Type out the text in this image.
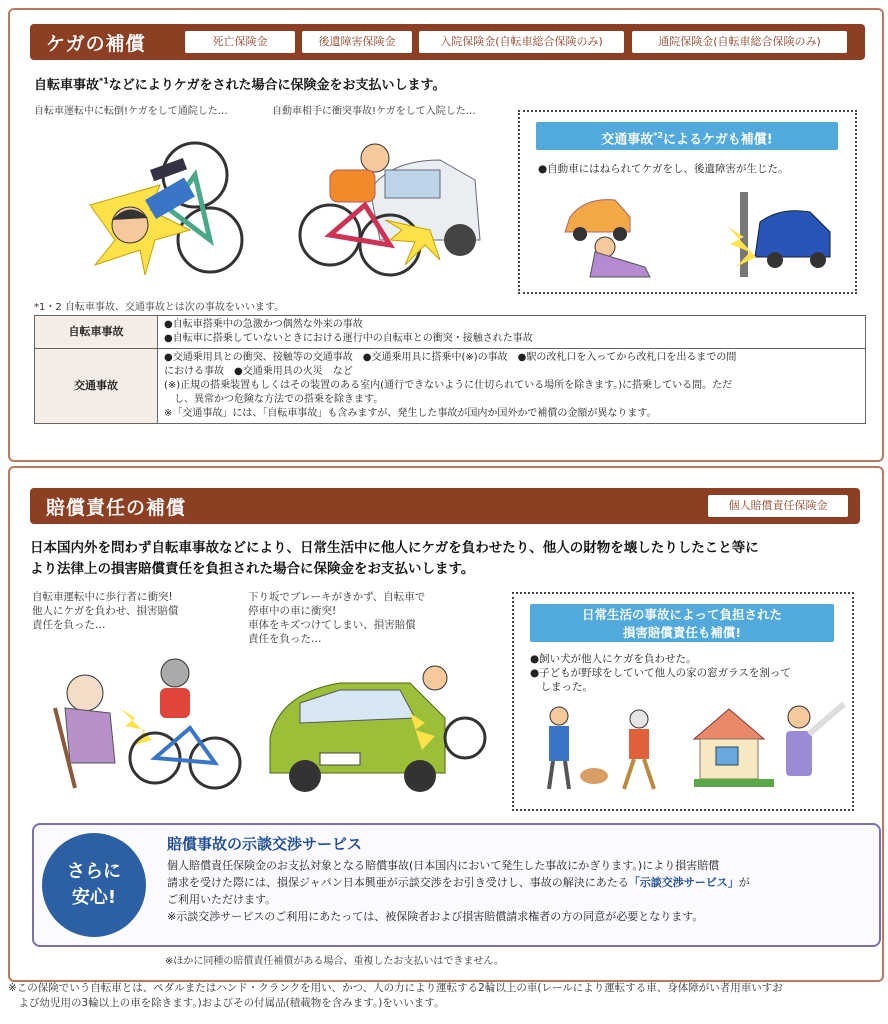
ケガの補償	死亡保険金	後遺障害保険金	入院保険金(自転車総合保険のみ)	通院保険金(自転車総合保険のみ)
自転車事故$^{*1}$などによりケガをされた場合に保険金をお支払いします。
自転車運転中に転倒!ケガをして通院した…	自動車相手に衝突事故!ケガをして入院した…
交通事故$^{*2}$によるケガも補償!
●自動車にはねられてケガをし、後遺障害が生じた。
*1・2 自転車事故、交通事故とは次の事故をいいます。
自転車事故	●自転車搭乗中の急激かつ偶然な外来の事故
●自転車に搭乗していないときにおける運行中の自転車との衝突・接触された事故

交通事故	●交通乗用具との衝突、接触等の交通事故　●交通乗用具に搭乗中(※)の事故　●駅の改札口を入ってから改札口を出るまでの間
における事故　●交通乗用具の火災　など
(※)正規の搭乗装置もしくはその装置のある室内(通行できないように仕切られている場所を除きます。)に搭乗している間。ただ
　し、異常かつ危険な方法での搭乗を除きます。
※「交通事故」には、「自転車事故」も含みますが、発生した事故が国内か国外かで補償の金額が異なります。
賠償責任の補償	個人賠償責任保険金
日本国内外を問わず自転車事故などにより、日常生活中に他人にケガを負わせたり、他人の財物を壊したりしたこと等に
より法律上の損害賠償責任を負担された場合に保険金をお支払いします。
自転車運転中に歩行者に衝突!
他人にケガを負わせ、損害賠償
責任を負った…
下り坂でブレーキがきかず、自転車で
停車中の車に衝突!
車体をキズつけてしまい、損害賠償
責任を負った…
日常生活の事故によって負担された
損害賠償責任も補償!
●飼い犬が他人にケガを負わせた。
●子どもが野球をしていて他人の家の窓ガラスを割って
　しまった。
さらに
安心!
賠償事故の示談交渉サービス
個人賠償責任保険金のお支払対象となる賠償事故(日本国内において発生した事故にかぎります。)により損害賠償
請求を受けた際には、損保ジャパン日本興亜が示談交渉をお引き受けし、事故の解決にあたる「示談交渉サービス」が
ご利用いただけます。
※示談交渉サービスのご利用にあたっては、被保険者および損害賠償請求権者の方の同意が必要となります。
※ほかに同種の賠償責任補償がある場合、重複したお支払いはできません。
※この保険でいう自転車とは、ペダルまたはハンド・クランクを用い、かつ、人の力により運転する2輪以上の車(レールにより運転する車、身体障がい者用車いすお
　よび幼児用の3輪以上の車を除きます。)およびその付属品(積載物を含みます。)をいいます。
